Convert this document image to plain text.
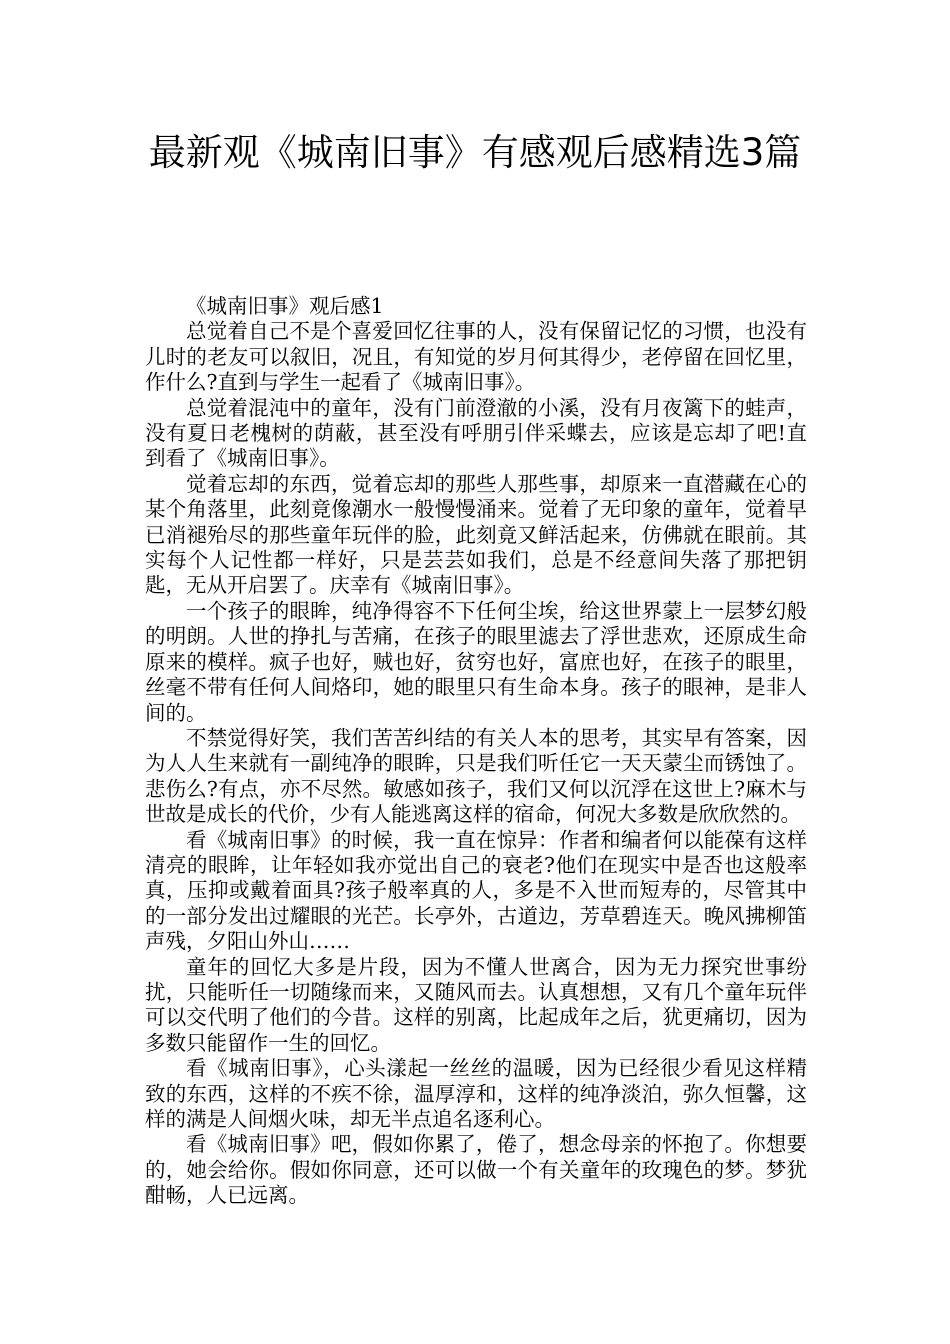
最新观《城南旧事》有感观后感精选3篇

《城南旧事》观后感1

总觉着自己不是个喜爱回忆往事的人，没有保留记忆的习惯，也没有儿时的老友可以叙旧，况且，有知觉的岁月何其得少，老停留在回忆里，作什么?直到与学生一起看了《城南旧事》。

总觉着混沌中的童年，没有门前澄澈的小溪，没有月夜篱下的蛙声，没有夏日老槐树的荫蔽，甚至没有呼朋引伴采蝶去，应该是忘却了吧!直到看了《城南旧事》。

觉着忘却的东西，觉着忘却的那些人那些事，却原来一直潜藏在心的某个角落里，此刻竟像潮水一般慢慢涌来。觉着了无印象的童年，觉着早已消褪殆尽的那些童年玩伴的脸，此刻竟又鲜活起来，仿佛就在眼前。其实每个人记性都一样好，只是芸芸如我们，总是不经意间失落了那把钥匙，无从开启罢了。庆幸有《城南旧事》。

一个孩子的眼眸，纯净得容不下任何尘埃，给这世界蒙上一层梦幻般的明朗。人世的挣扎与苦痛，在孩子的眼里滤去了浮世悲欢，还原成生命原来的模样。疯子也好，贼也好，贫穷也好，富庶也好，在孩子的眼里，丝毫不带有任何人间烙印，她的眼里只有生命本身。孩子的眼神，是非人间的。

不禁觉得好笑，我们苦苦纠结的有关人本的思考，其实早有答案，因为人人生来就有一副纯净的眼眸，只是我们听任它一天天蒙尘而锈蚀了。悲伤么?有点，亦不尽然。敏感如孩子，我们又何以沉浮在这世上?麻木与世故是成长的代价，少有人能逃离这样的宿命，何况大多数是欣欣然的。

看《城南旧事》的时候，我一直在惊异：作者和编者何以能葆有这样清亮的眼眸，让年轻如我亦觉出自己的衰老?他们在现实中是否也这般率真，压抑或戴着面具?孩子般率真的人，多是不入世而短寿的，尽管其中的一部分发出过耀眼的光芒。长亭外，古道边，芳草碧连天。晚风拂柳笛声残，夕阳山外山……

童年的回忆大多是片段，因为不懂人世离合，因为无力探究世事纷扰，只能听任一切随缘而来，又随风而去。认真想想，又有几个童年玩伴可以交代明了他们的今昔。这样的别离，比起成年之后，犹更痛切，因为多数只能留作一生的回忆。

看《城南旧事》，心头漾起一丝丝的温暖，因为已经很少看见这样精致的东西，这样的不疾不徐，温厚淳和，这样的纯净淡泊，弥久恒馨，这样的满是人间烟火味，却无半点追名逐利心。

看《城南旧事》吧，假如你累了，倦了，想念母亲的怀抱了。你想要的，她会给你。假如你同意，还可以做一个有关童年的玫瑰色的梦。梦犹酣畅，人已远离。
